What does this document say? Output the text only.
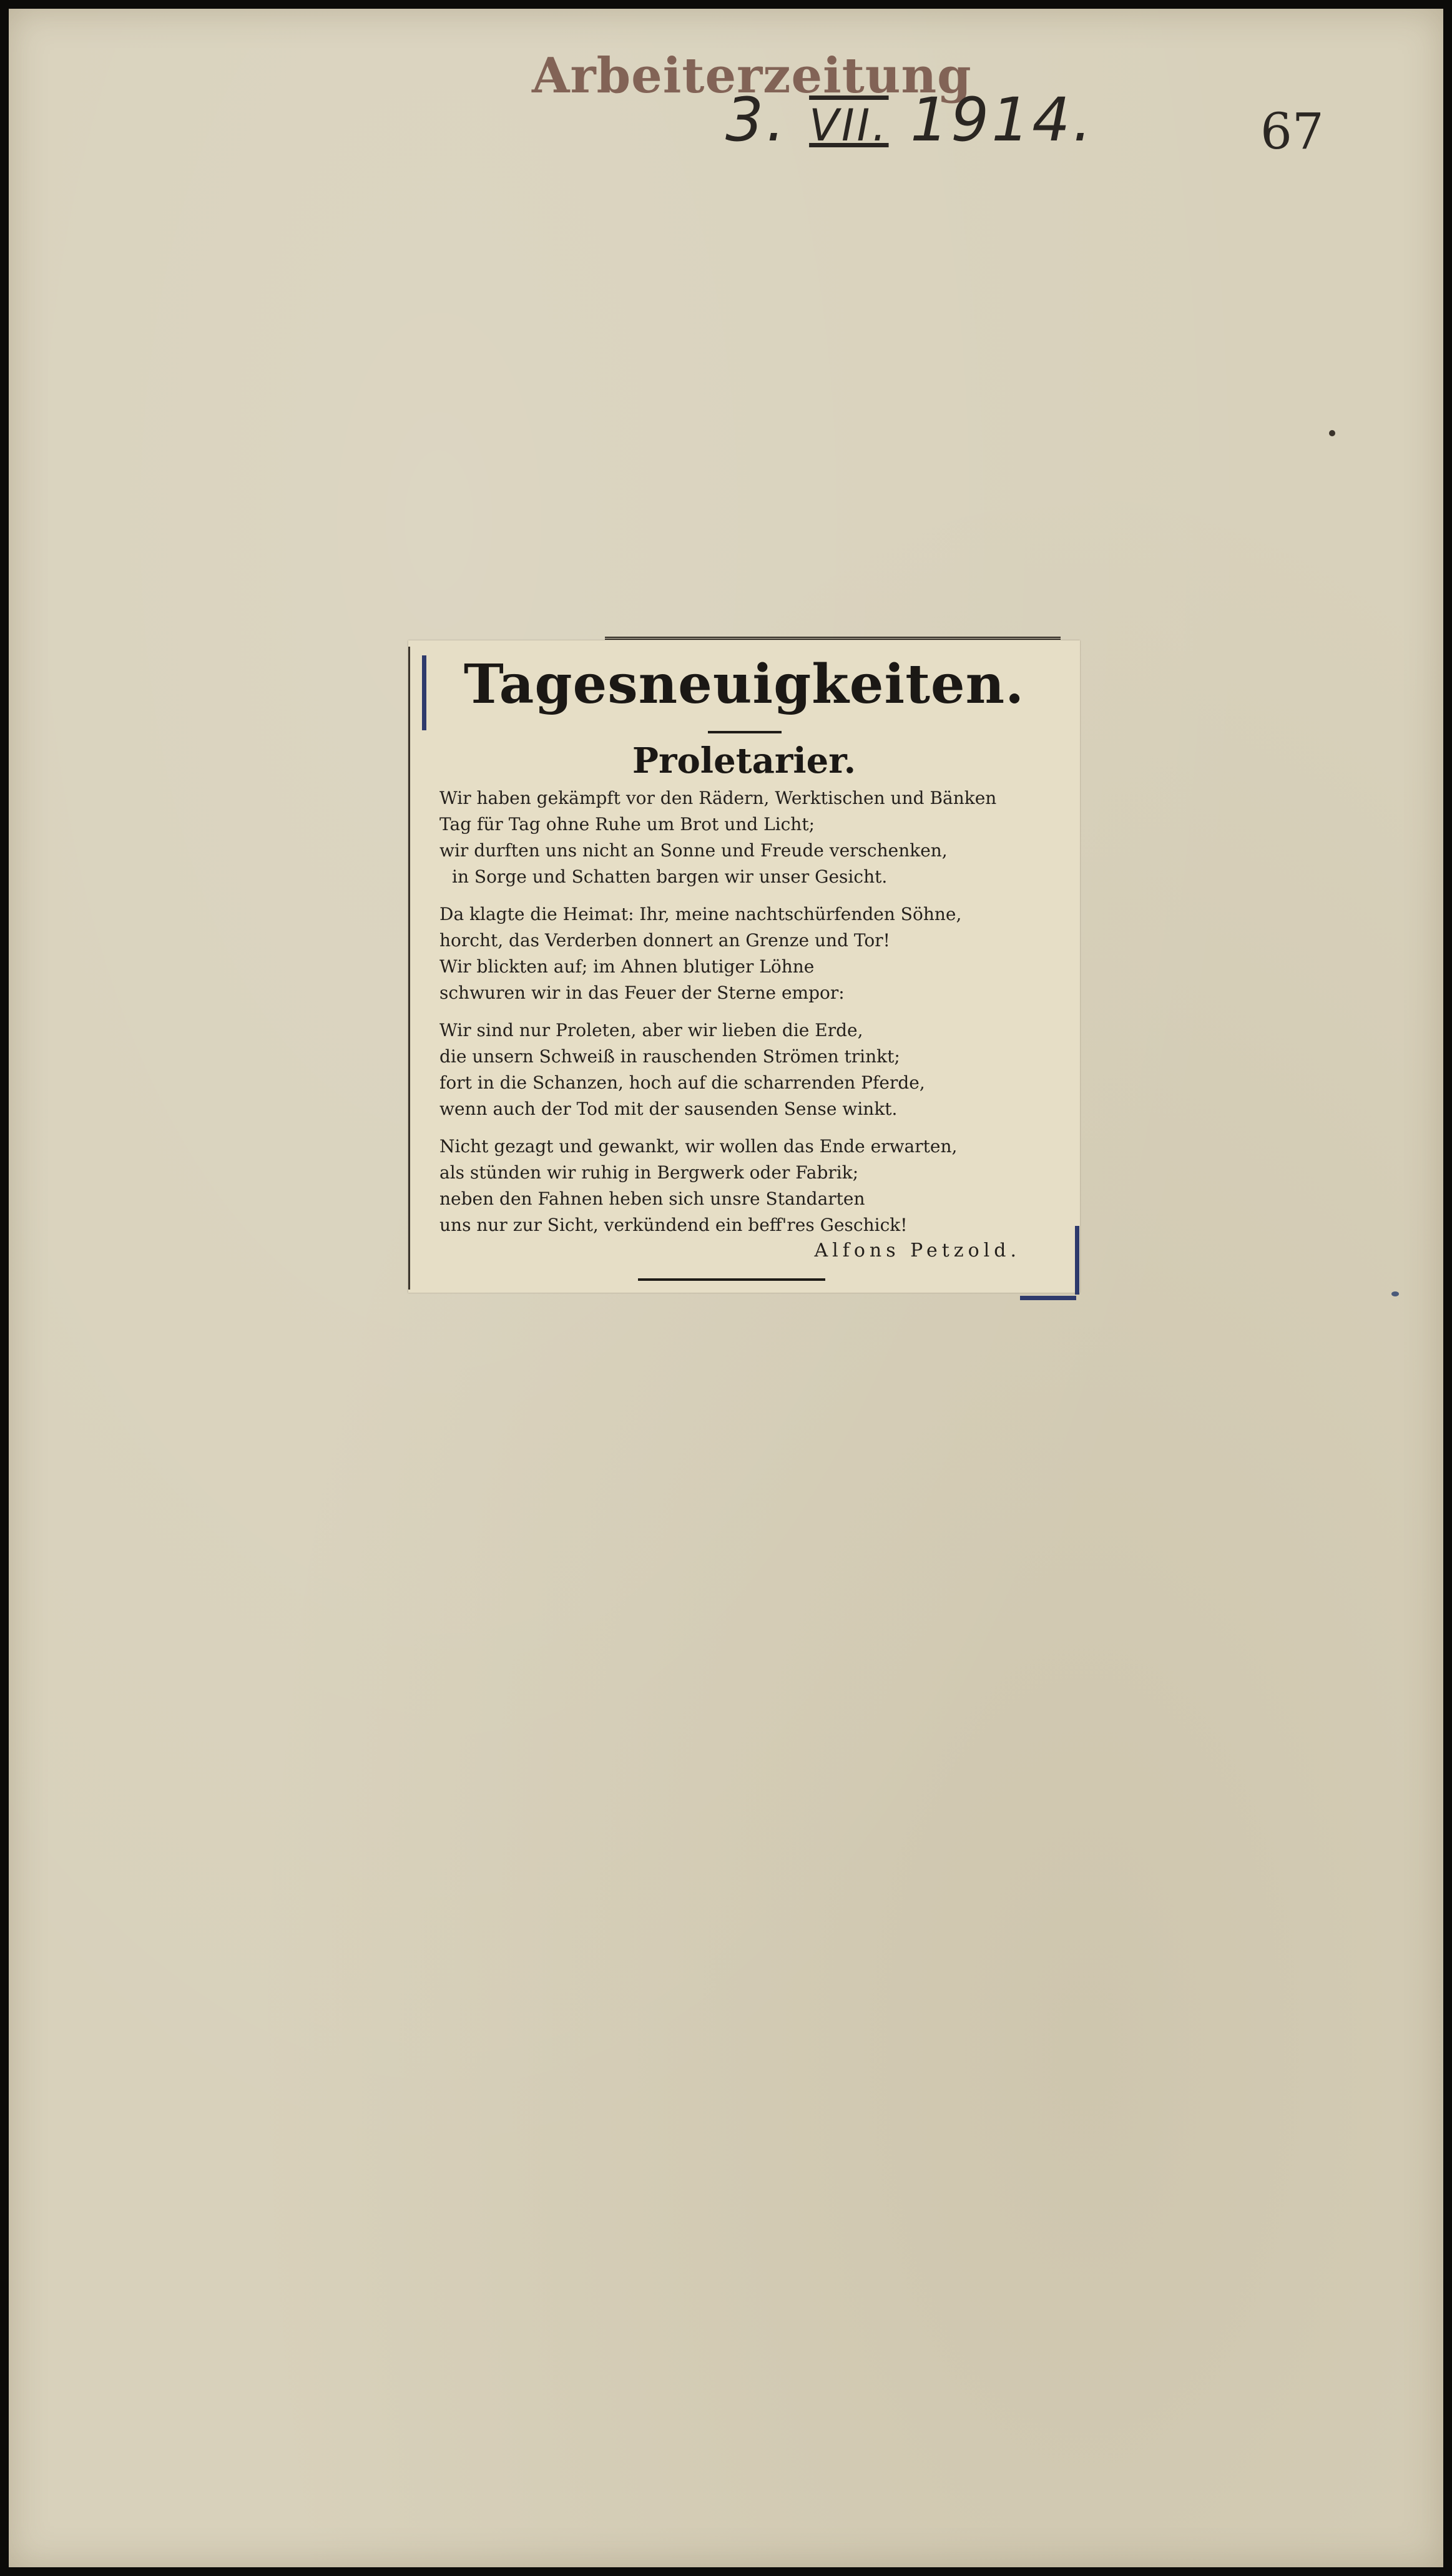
Arbeiterzeitung
3. VII. 1914.	67
Tagesneuigkeiten.
Proletarier.
Wir haben gekämpft vor den Rädern, Werktischen und Bänken
Tag für Tag ohne Ruhe um Brot und Licht;
wir durften uns nicht an Sonne und Freude verschenken,
in Sorge und Schatten bargen wir unser Gesicht.
Da klagte die Heimat: Ihr, meine nachtschürfenden Söhne,
horcht, das Verderben donnert an Grenze und Tor!
Wir blickten auf; im Ahnen blutiger Löhne
schwuren wir in das Feuer der Sterne empor:
Wir sind nur Proleten, aber wir lieben die Erde,
die unsern Schweiß in rauschenden Strömen trinkt;
fort in die Schanzen, hoch auf die scharrenden Pferde,
wenn auch der Tod mit der sausenden Sense winkt.
Nicht gezagt und gewankt, wir wollen das Ende erwarten,
als stünden wir ruhig in Bergwerk oder Fabrik;
neben den Fahnen heben sich unsre Standarten
uns nur zur Sicht, verkündend ein beff'res Geschick!
Alfons Petzold.
